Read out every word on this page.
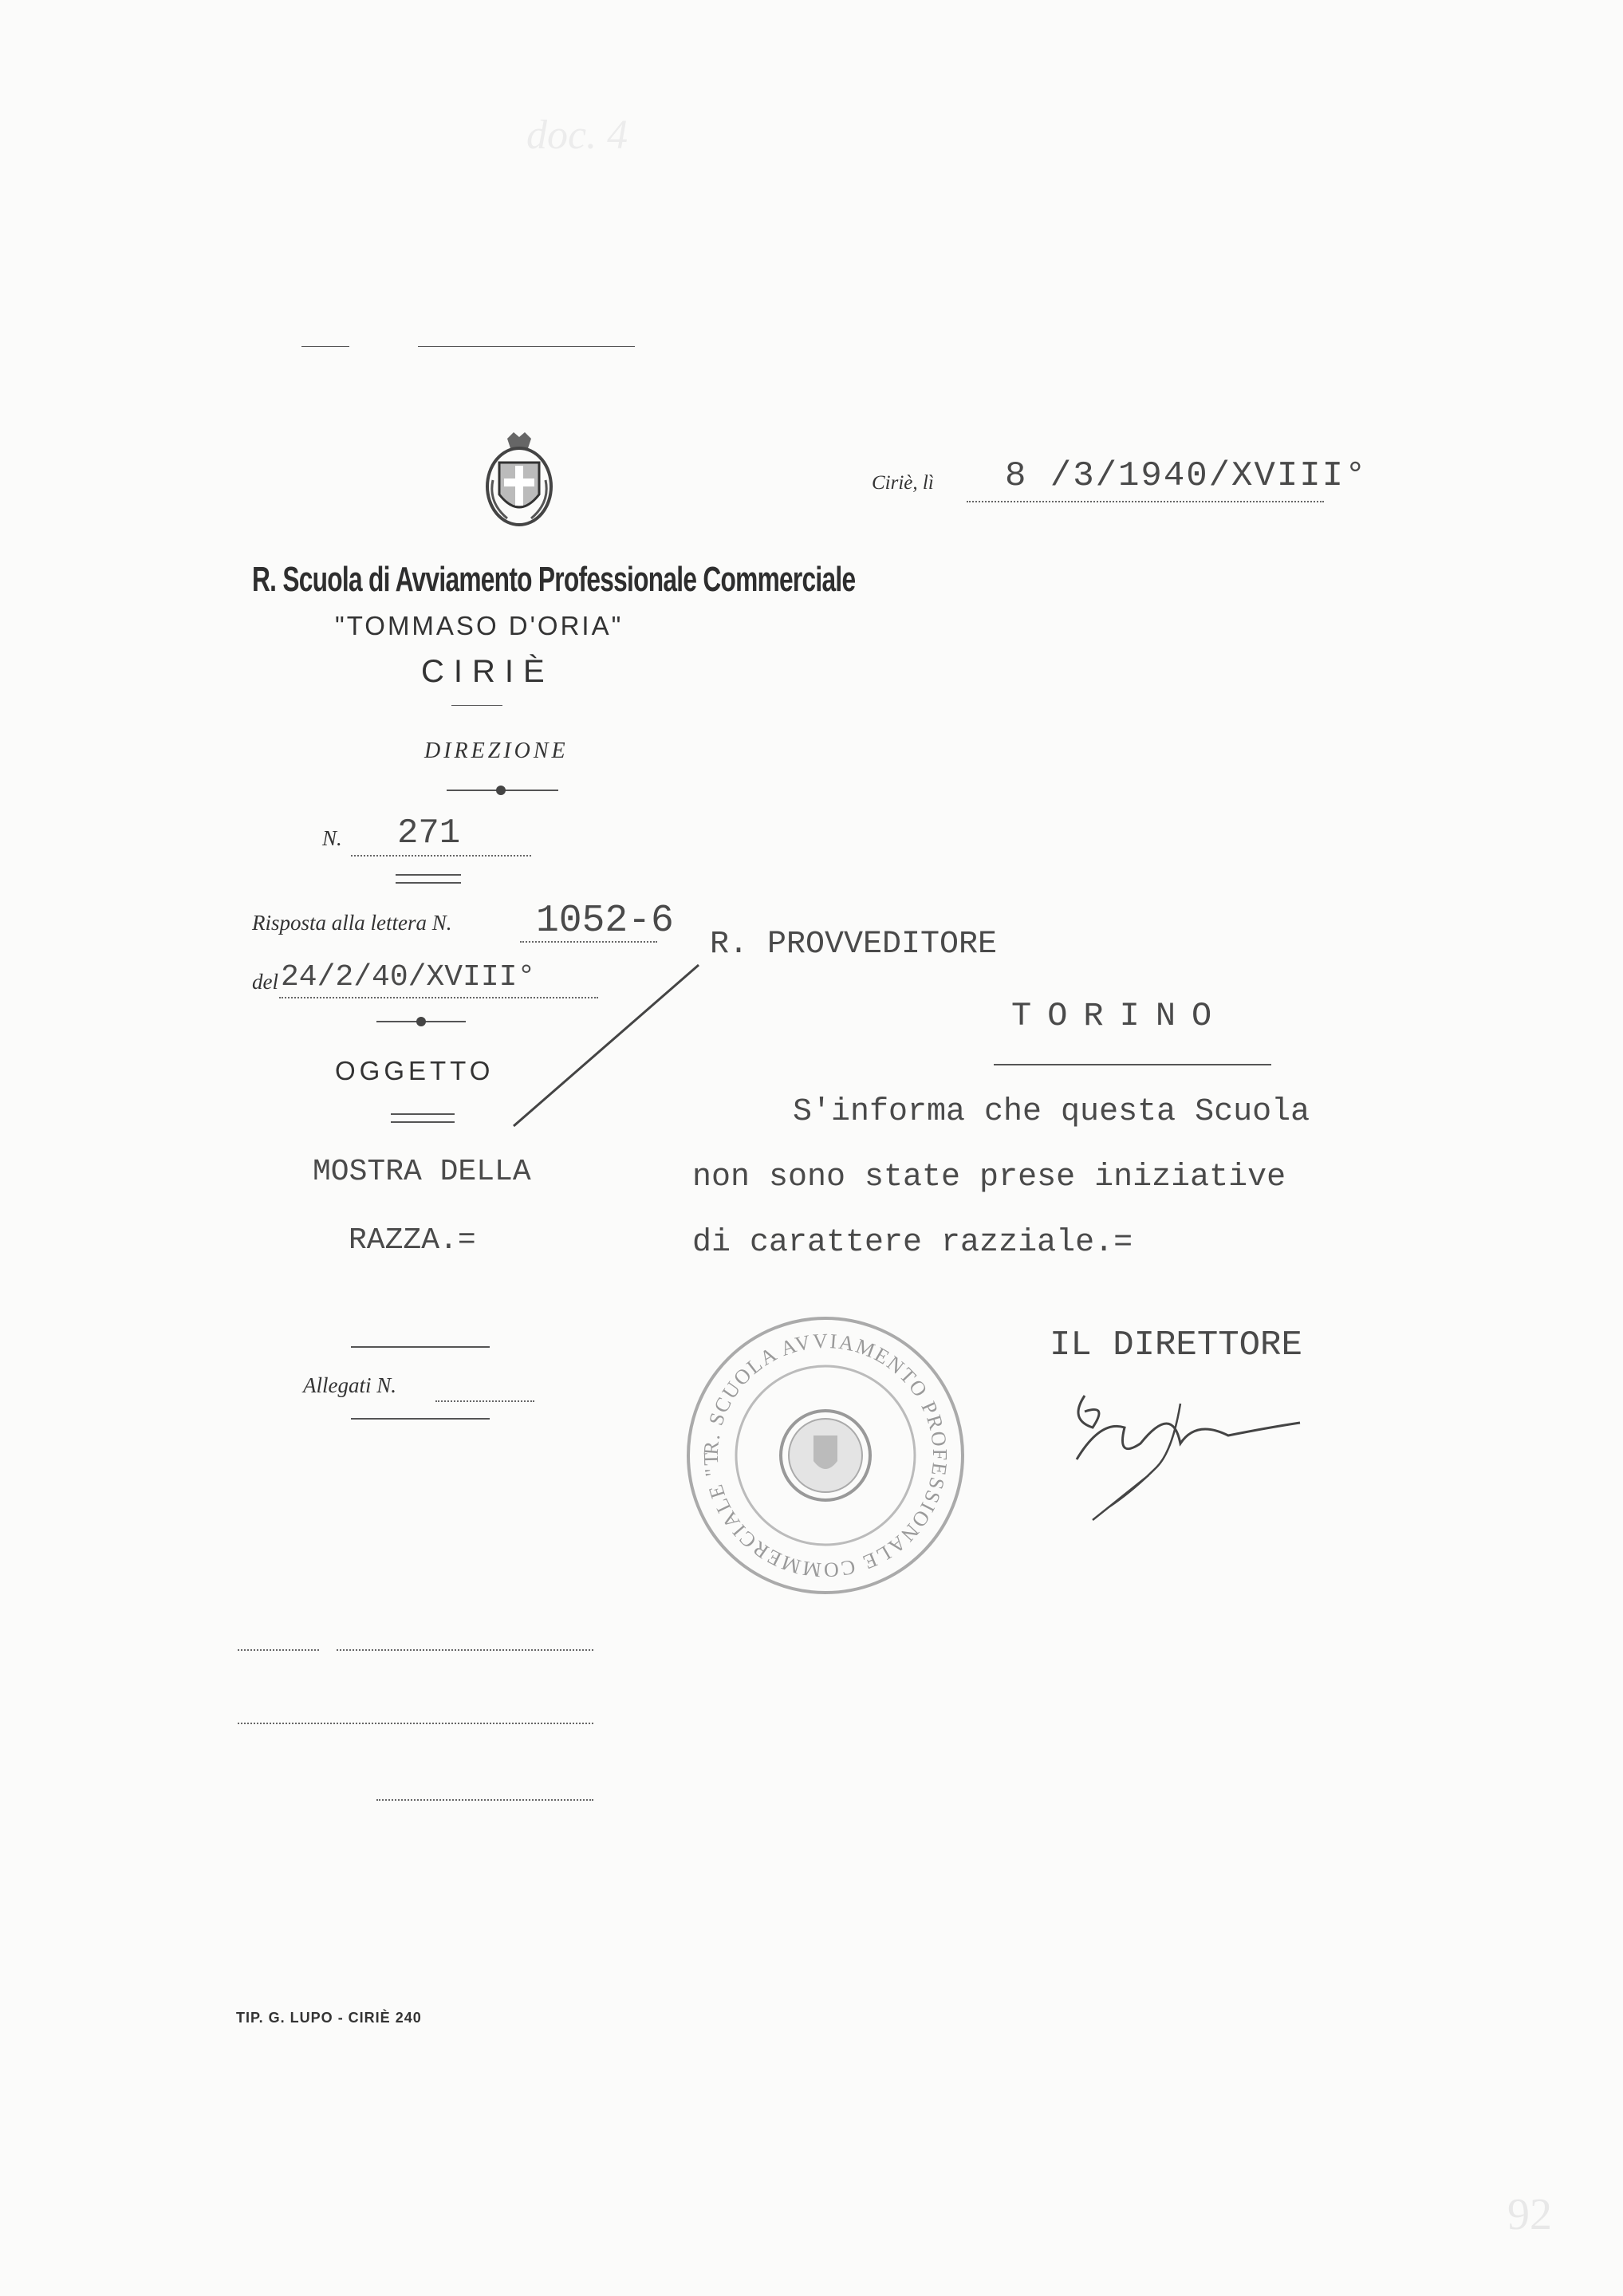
doc. 4
92
R. Scuola di Avviamento Professionale Commerciale
"TOMMASO D'ORIA"
CIRIÈ
DIREZIONE
Ciriè, lì 8 /3/1940/XVIII°
N. 271
Risposta alla lettera N. 1052-6
del 24/2/40/XVIII°
OGGETTO
MOSTRA DELLA
RAZZA.=
R. PROVVEDITORE
TORINO
S'informa che questa Scuola
non sono state prese iniziative
di carattere razziale.=
R. SCUOLA AVVIAMENTO PROFESSIONALE COMMERCIALE "T
IL DIRETTORE
Allegati N.
TIP. G. LUPO - CIRIÈ 240
